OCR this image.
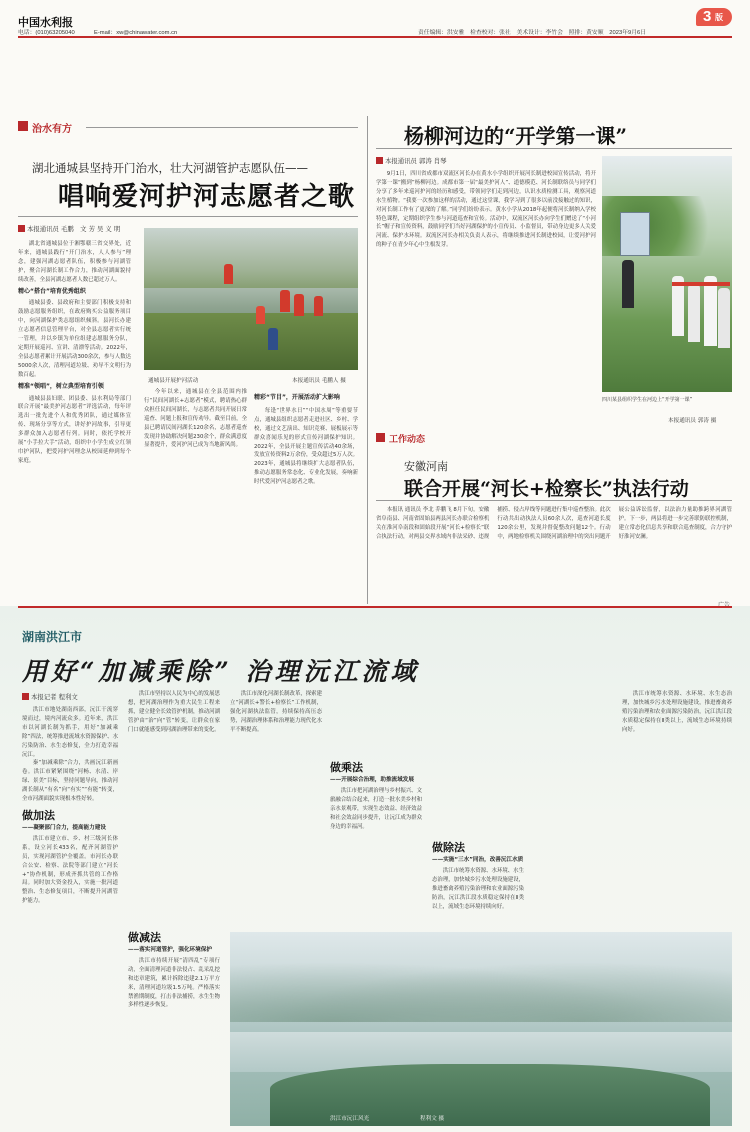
中国水利报
电话：(010)63205040	E-mail：xw@chinawater.com.cn	责任编辑：洪安雅　检查校对：张社　美术设计：李竹会　照排：黄安顺　2023年9月6日
3 版
治水有方
湖北通城县坚持开门治水，壮大河湖管护志愿队伍——
唱响爱河护河志愿者之歌
本报通讯员 毛鹏　文 芳 吴 义 明

湖北省通城县位于湘鄂赣三省交界处，近年来，通城县践行“开门治水，人人参与”理念，建强河湖志愿者队伍，积极参与河湖管护，聚合河湖长制工作合力，推动河湖面貌持续改善，全县河湖志愿者人数已超过万人。

精心“搭台”培育优秀组织

通城县委、县政府和主要部门积极支持和鼓励志愿服务组织，在政府购买公益服务项目中，向河湖保护类志愿组织倾斜。县河长办建立志愿者信息管理平台，对全县志愿者实行统一管理，并以乡镇为单位组建志愿服务分队，定期开展巡河、宣讲、清漂等活动。2022年，全县志愿者累计开展活动300余次，参与人数达5000余人次，清理河道垃圾、劝导不文明行为数百起。

精准“领唱”，树立典型培育引领

通城县县妇联、团县委、县水利局等部门联合开展“最美护河志愿者”评选活动，每年评选出一批先进个人和优秀团队，通过媒体宣传、现场分享等方式，讲好护河故事，引导更多群众加入志愿者行列。同时，依托学校开展“小手拉大手”活动，组织中小学生成立红领巾护河队，把爱河护河理念从校园延伸到每个家庭。

通城县开展护河活动	本报通讯员 毛鹏人 摄

今年以来，通城县在全县范围内推行“民间河湖长+志愿者”模式，聘请热心群众担任民间河湖长，与志愿者共同开展日常巡查、问题上报和宣传劝导。截至目前，全县已聘请民间河湖长120余名，志愿者巡查发现并协助解决问题230余个，群众满意度显著提升，爱河护河已成为当地新风尚。

精彩“节目”，开展活动扩大影响

每逢“世界水日”“中国水周”等重要节点，通城县组织志愿者走进社区、乡村、学校，通过文艺演出、知识竞赛、展板展示等群众喜闻乐见的形式宣传河湖保护知识。2022年，全县开展主题宣传活动40余场，发放宣传资料2万余份，受众超过5万人次。2023年，通城县将继续扩大志愿者队伍，推动志愿服务常态化、专业化发展，奏响新时代爱河护河志愿者之歌。

杨柳河边的“开学第一课”
本报通讯员 郭涛 肖琴

9月1日，四川省成都市双流区河长办在黄水小学组织开展河长制进校园宣传活动，将开学第一课“搬到”杨柳河边。成都市第一届“最美护河人”、道德模范、河长制联络员与同学们分享了多年来巡河护河的经历和感受，带领同学们走到河边，认识水质检测工具，观察河道水生植物。“我要一次参加这样的活动，通过这堂课，我学习到了很多以前没接触过的知识，对河长制工作有了更深的了解。”同学们纷纷表示。黄水小学从2018年起便将河长制纳入学校特色课程，定期组织学生参与河道巡查和宣传。活动中，双流区河长办向学生们赠送了“小河长”帽子和宣传资料，鼓励同学们当好河湖保护的小宣传员、小监督员，带动身边更多人关爱河流、保护水环境。双流区河长办相关负责人表示，将继续推进河长制进校园，让爱河护河的种子在青少年心中生根发芽。

四川某县组织学生在河边上“开学第一课”
本报通讯员 郭涛 摄
工作动态
安徽河南
联合开展“河长+检察长”执法行动

本报讯 通讯员 李北 乔鹏飞 8月下旬，安徽省阜南县、河南省固始县两县河长办联合检察机关在淮河阜南段和固始段开展“河长+检察长”联合执法行动，对两县交界水域内非法采砂、违规捕捞、侵占岸线等问题进行集中巡查整治。此次行动共出动执法人员60余人次，巡查河道长度120余公里，发现并督促整改问题12个。行动中，两地检察机关围绕河湖治理中的突出问题开展公益诉讼监督，以法治力量助推跨界河湖管护。下一步，两县将进一步完善联防联控机制，建立常态化信息共享和联合巡查制度，合力守护好淮河安澜。

湖南洪江市
用好“加减乘除” 治理沅江流域
本报记者 程利文

洪江市地处湖南西部，沅江干流穿境而过，境内河流众多。近年来，洪江市以河湖长制为抓手，用好“加减乘除”四法，统筹推进流域水资源保护、水污染防治、水生态修复，全力打造幸福沅江。

秦“加减乘除”合力，共画沅江新画卷。洪江市紧紧围绕“河畅、水清、岸绿、景美”目标，坚持问题导向，推动河湖长制从“有名”向“有实”“有能”转变，全市河湖面貌实现根本性好转。

做加法

——凝聚部门合力，提高能力建设

洪江市建立市、乡、村三级河长体系，设立河长433名，配齐河湖管护员，实现河湖管护全覆盖。市河长办联合公安、检察、法院等部门建立“河长+”协作机制，形成齐抓共管的工作格局。同时加大资金投入，实施一批河道整治、生态修复项目，不断提升河湖管护能力。

洪江市坚持以人民为中心的发展思想，把河湖治理作为重大民生工程来抓，建立健全长效管护机制，推动河湖管护由“治”向“管”转变，让群众在家门口就能感受到河湖治理带来的变化。

做减法

——落实河道管护，强化环境保护

洪江市持续开展“清四乱”专项行动，全面清理河道非法侵占、乱采乱挖和违章建筑，累计拆除违建2.1万平方米，清理河道垃圾1.5万吨。严格落实禁渔期制度，打击非法捕捞，水生生物多样性逐步恢复。

洪江市深化河湖长制改革，探索建立“河湖长+警长+检察长”工作机制，强化河湖执法监管，持续保持高压态势，河湖治理体系和治理能力现代化水平不断提高。

做乘法

——开展综合治理，助推流域发展

洪江市把河湖治理与乡村振兴、文旅融合结合起来，打造一批水美乡村和亲水景观带，实现生态效益、经济效益和社会效益同步提升，让沅江成为群众身边的幸福河。

做除法

——实施“三水”同治，改善沅江水质

洪江市统筹水资源、水环境、水生态治理，加快城乡污水处理设施建设，推进畜禽养殖污染治理和农业面源污染防治，沅江洪江段水质稳定保持在Ⅱ类以上，流域生态环境持续向好。

洪江市统筹水资源、水环境、水生态治理，加快城乡污水处理设施建设，推进畜禽养殖污染治理和农业面源污染防治，沅江洪江段水质稳定保持在Ⅱ类以上，流域生态环境持续向好。

洪江市沅江风光	程利文 摄
